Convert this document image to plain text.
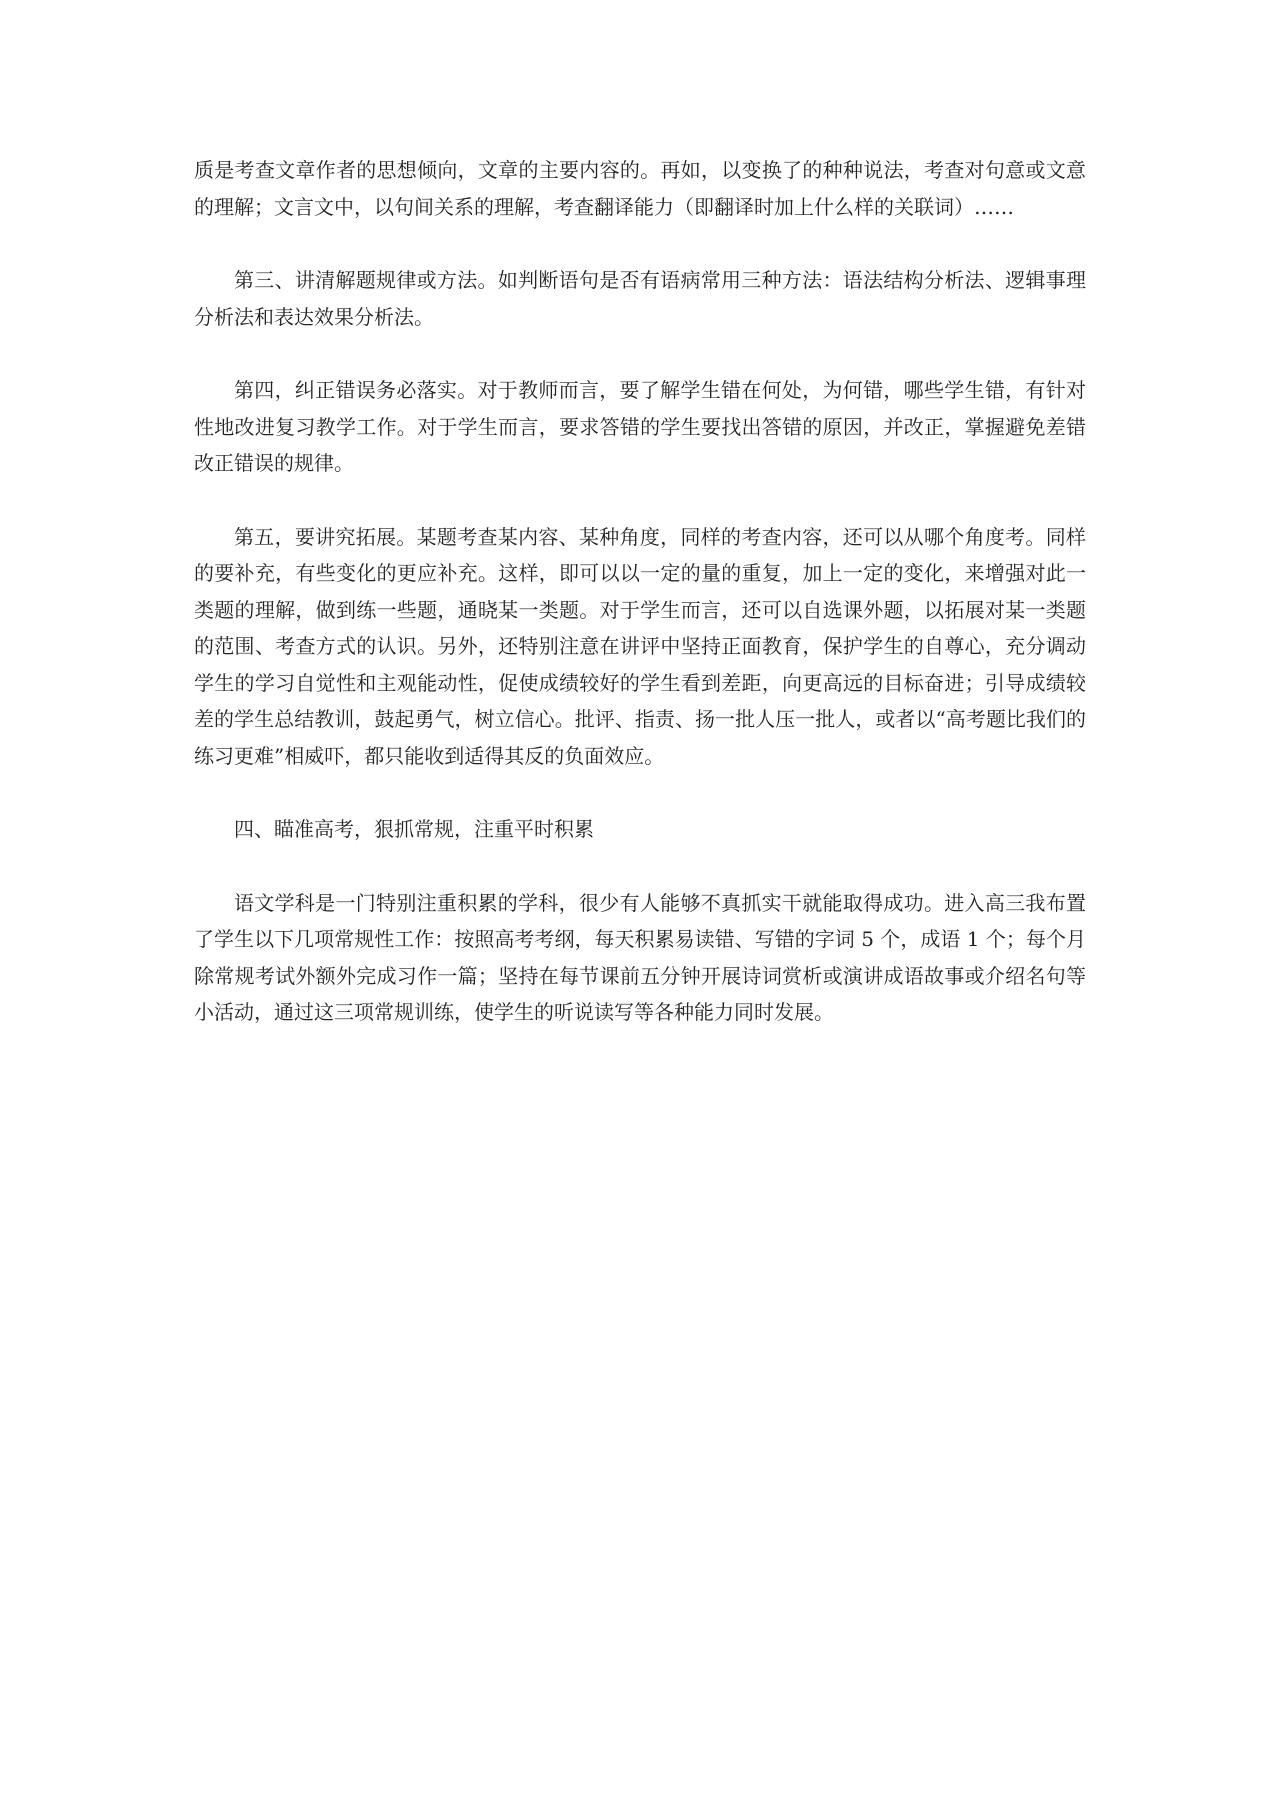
质是考查文章作者的思想倾向，文章的主要内容的。再如，以变换了的种种说法，考查对句意或文意的理解；文言文中，以句间关系的理解，考查翻译能力（即翻译时加上什么样的关联词）……

第三、讲清解题规律或方法。如判断语句是否有语病常用三种方法：语法结构分析法、逻辑事理分析法和表达效果分析法。

第四，纠正错误务必落实。对于教师而言，要了解学生错在何处，为何错，哪些学生错，有针对性地改进复习教学工作。对于学生而言，要求答错的学生要找出答错的原因，并改正，掌握避免差错改正错误的规律。

第五，要讲究拓展。某题考查某内容、某种角度，同样的考查内容，还可以从哪个角度考。同样的要补充，有些变化的更应补充。这样，即可以以一定的量的重复，加上一定的变化，来增强对此一类题的理解，做到练一些题，通晓某一类题。对于学生而言，还可以自选课外题，以拓展对某一类题的范围、考查方式的认识。另外，还特别注意在讲评中坚持正面教育，保护学生的自尊心，充分调动学生的学习自觉性和主观能动性，促使成绩较好的学生看到差距，向更高远的目标奋进；引导成绩较差的学生总结教训，鼓起勇气，树立信心。批评、指责、扬一批人压一批人，或者以“高考题比我们的练习更难”相威吓，都只能收到适得其反的负面效应。

四、瞄准高考，狠抓常规，注重平时积累

语文学科是一门特别注重积累的学科，很少有人能够不真抓实干就能取得成功。进入高三我布置了学生以下几项常规性工作：按照高考考纲，每天积累易读错、写错的字词 5 个，成语 1 个；每个月除常规考试外额外完成习作一篇；坚持在每节课前五分钟开展诗词赏析或演讲成语故事或介绍名句等小活动，通过这三项常规训练，使学生的听说读写等各种能力同时发展。
